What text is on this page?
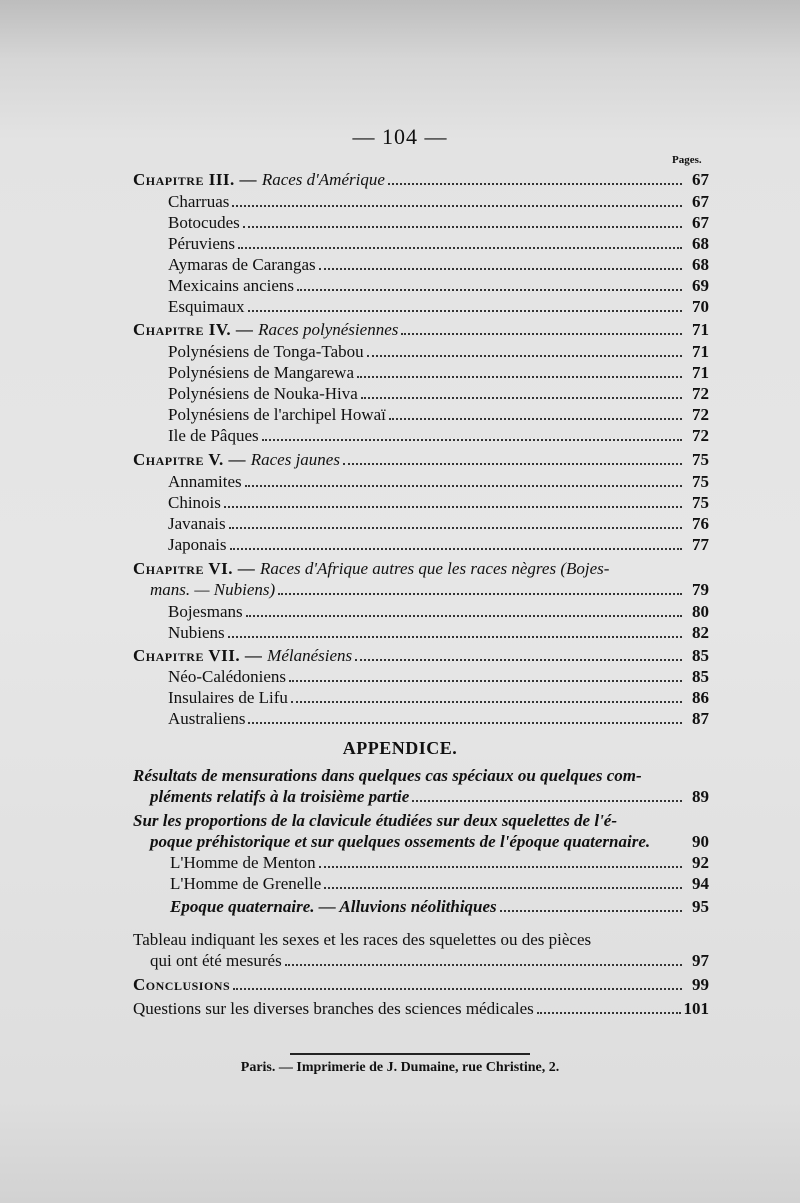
— 104 —
Pages.
Chapitre III. — Races d'Amérique	67
Charruas	67
Botocudes	67
Péruviens	68
Aymaras de Carangas	68
Mexicains anciens	69
Esquimaux	70
Chapitre IV. — Races polynésiennes	71
Polynésiens de Tonga-Tabou	71
Polynésiens de Mangarewa	71
Polynésiens de Nouka-Hiva	72
Polynésiens de l'archipel Howaï	72
Ile de Pâques	72
Chapitre V. — Races jaunes	75
Annamites	75
Chinois	75
Javanais	76
Japonais	77
Chapitre VI. — Races d'Afrique autres que les races nègres (Bojes-
mans. — Nubiens)	79
Bojesmans	80
Nubiens	82
Chapitre VII. — Mélanésiens	85
Néo-Calédoniens	85
Insulaires de Lifu	86
Australiens	87
APPENDICE.
Résultats de mensurations dans quelques cas spéciaux ou quelques com-
pléments relatifs à la troisième partie	89
Sur les proportions de la clavicule étudiées sur deux squelettes de l'é-
poque préhistorique et sur quelques ossements de l'époque quaternaire.	90
L'Homme de Menton	92
L'Homme de Grenelle	94
Epoque quaternaire. — Alluvions néolithiques	95
Tableau indiquant les sexes et les races des squelettes ou des pièces
qui ont été mesurés	97
Conclusions	99
Questions sur les diverses branches des sciences médicales	101
Paris. — Imprimerie de J. Dumaine, rue Christine, 2.
